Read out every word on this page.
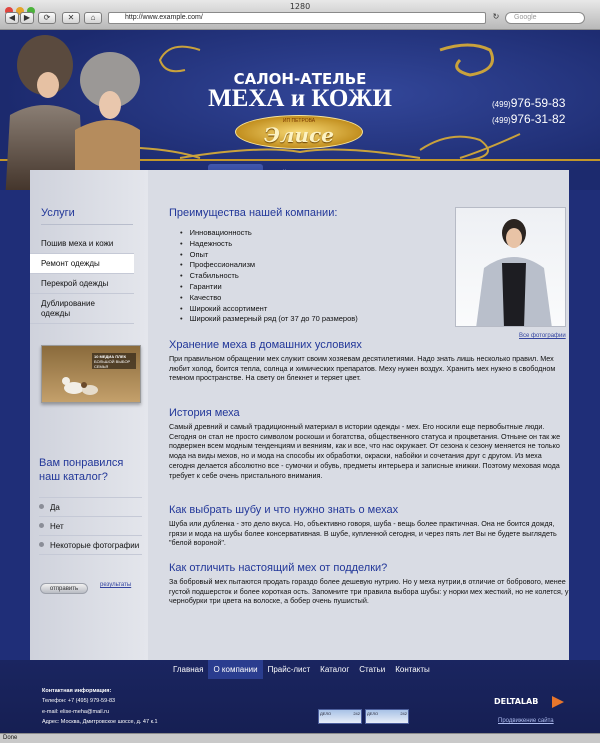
1280
◀	▶	⟳	✕	⌂	http://www.example.com/	↻	Google
САЛОН-АТЕЛЬЕ
МЕХА и КОЖИ
ИП ПЕТРОВА
Элисе
(499)976-59-83
(499)976-31-82
Услуги
Пошив меха и кожи
Ремонт одежды
Перекрой одежды
Дублирование одежды
10 МЕДИА ПЛЕК
БОЛЬШОЙ ВЫБОР СЕМЬЯ
Вам понравился наш каталог?
Да
Нет
Некоторые фотографии
отправить
результаты
Все фотографии
Преимущества нашей компании:
• Инновационность
• Надежность
• Опыт
• Профессионализм
• Стабильность
• Гарантии
• Качество
• Широкий ассортимент
• Широкий размерный ряд (от 37 до 70 размеров)
Хранение меха в домашних условиях

При правильном обращении мех служит своим хозяевам десятилетиями. Надо знать лишь несколько правил. Мех любит холод, боится тепла, солнца и химических препаратов. Меху нужен воздух. Хранить мех нужно в свободном темном пространстве. На свету он блекнет и теряет цвет.

История меха

Самый древний и самый традиционный материал в истории одежды - мех. Его носили еще первобытные люди. Сегодня он стал не просто символом роскоши и богатства, общественного статуса и процветания. Отныне он так же подвержен всем модным тенденциям и веяниям, как и все, что нас окружает. От сезона к сезону меняется не только мода на виды мехов, но и мода на способы их обработки, окраски, набойки и сочетания друг с другом. Из меха сегодня делается абсолютно все - сумочки и обувь, предметы интерьера и записные книжки. Поэтому меховая мода требует к себе очень пристального внимания.

Как выбрать шубу и что нужно знать о мехах

Шуба или дубленка - это дело вкуса. Но, объективно говоря, шуба - вещь более практичная. Она не боится дождя, грязи и мода на шубы более консервативная. В шубе, купленной сегодня, и через пять лет Вы не будете выглядеть "белой вороной".

Как отличить настоящий мех от подделки?

За бобровый мех пытаются продать гораздо более дешевую нутрию. Но у меха нутрии,в отличие от бобрового, менее густой подшерсток и более короткая ость. Запомните три правила выбора шубы: у норки мех жесткий, но не колется, у чернобурки три цвета на волоске, а бобер очень пушистый.

Главная	О компании	Прайс-лист	Каталог	Статьи	Контакты
Контактная информация:
Телефон: +7 (495) 979-59-83
e-mail: elise-meha@mail.ru
Адрес: Москва, Дмитровское шоссе, д. 47 к.1
ДЕЛО	242	ДЕЛО	242
DELTALAB
Продвижение сайта
Done
